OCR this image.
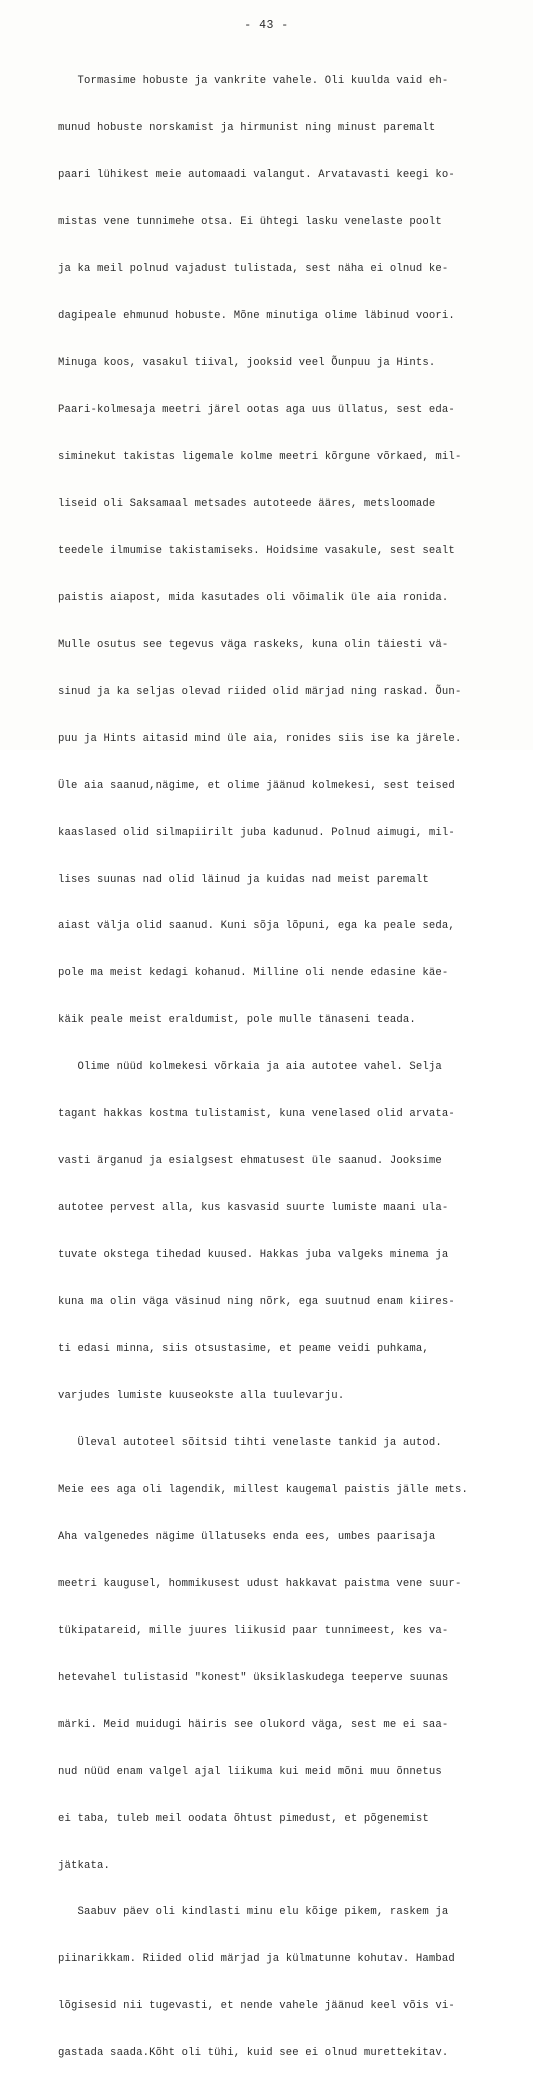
- 43 -

Tormasime hobuste ja vankrite vahele. Oli kuulda vaid eh-

munud hobuste norskamist ja hirmunist ning minust paremalt

paari lühikest meie automaadi valangut. Arvatavasti keegi ko-

mistas vene tunnimehe otsa. Ei ühtegi lasku venelaste poolt

ja ka meil polnud vajadust tulistada, sest näha ei olnud ke-

dagipeale ehmunud hobuste. Mõne minutiga olime läbinud voori.

Minuga koos, vasakul tiival, jooksid veel Õunpuu ja Hints.

Paari-kolmesaja meetri järel ootas aga uus üllatus, sest eda-

siminekut takistas ligemale kolme meetri kõrgune võrkaed, mil-

liseid oli Saksamaal metsades autoteede ääres, metsloomade

teedele ilmumise takistamiseks. Hoidsime vasakule, sest sealt

paistis aiapost, mida kasutades oli võimalik üle aia ronida.

Mulle osutus see tegevus väga raskeks, kuna olin täiesti vä-

sinud ja ka seljas olevad riided olid märjad ning raskad. Õun-

puu ja Hints aitasid mind üle aia, ronides siis ise ka järele.

Üle aia saanud,nägime, et olime jäänud kolmekesi, sest teised

kaaslased olid silmapiirilt juba kadunud. Polnud aimugi, mil-

lises suunas nad olid läinud ja kuidas nad meist paremalt

aiast välja olid saanud. Kuni sõja lõpuni, ega ka peale seda,

pole ma meist kedagi kohanud. Milline oli nende edasine käe-

käik peale meist eraldumist, pole mulle tänaseni teada.

Olime nüüd kolmekesi võrkaia ja aia autotee vahel. Selja

tagant hakkas kostma tulistamist, kuna venelased olid arvata-

vasti ärganud ja esialgsest ehmatusest üle saanud. Jooksime

autotee pervest alla, kus kasvasid suurte lumiste maani ula-

tuvate okstega tihedad kuused. Hakkas juba valgeks minema ja

kuna ma olin väga väsinud ning nõrk, ega suutnud enam kiires-

ti edasi minna, siis otsustasime, et peame veidi puhkama,

varjudes lumiste kuuseokste alla tuulevarju.

Üleval autoteel sõitsid tihti venelaste tankid ja autod.

Meie ees aga oli lagendik, millest kaugemal paistis jälle mets.

Aha valgenedes nägime üllatuseks enda ees, umbes paarisaja

meetri kaugusel, hommikusest udust hakkavat paistma vene suur-

tükipatareid, mille juures liikusid paar tunnimeest, kes va-

hetevahel tulistasid "konest" üksiklaskudega teeperve suunas

märki. Meid muidugi häiris see olukord väga, sest me ei saa-

nud nüüd enam valgel ajal liikuma kui meid mõni muu õnnetus

ei taba, tuleb meil oodata õhtust pimedust, et põgenemist

jätkata.

Saabuv päev oli kindlasti minu elu kõige pikem, raskem ja

piinarikkam. Riided olid märjad ja külmatunne kohutav. Hambad

lõgisesid nii tugevasti, et nende vahele jäänud keel võis vi-

gastada saada.Kõht oli tühi, kuid see ei olnud murettekitav.
